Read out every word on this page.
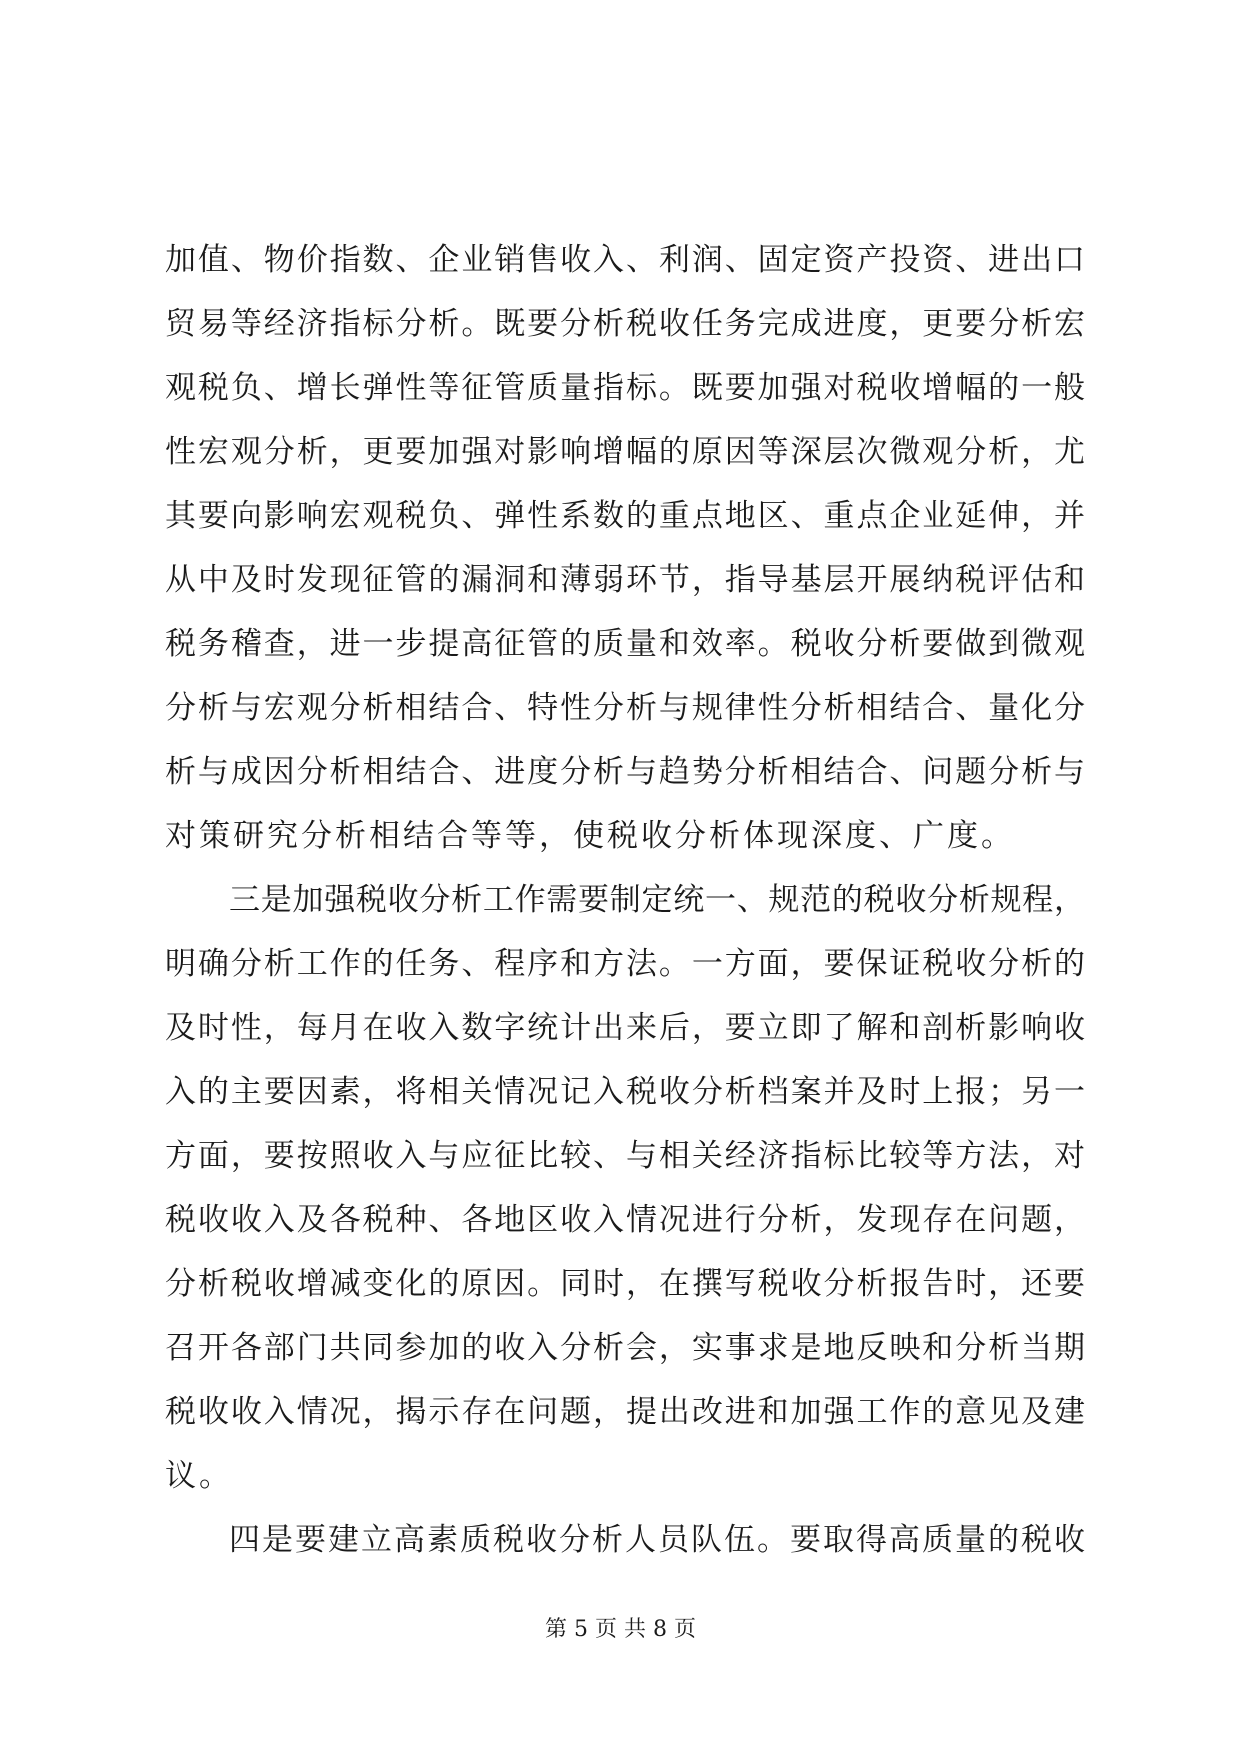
加值、物价指数、企业销售收入、利润、固定资产投资、进出口
贸易等经济指标分析。既要分析税收任务完成进度，更要分析宏
观税负、增长弹性等征管质量指标。既要加强对税收增幅的一般
性宏观分析，更要加强对影响增幅的原因等深层次微观分析，尤
其要向影响宏观税负、弹性系数的重点地区、重点企业延伸，并
从中及时发现征管的漏洞和薄弱环节，指导基层开展纳税评估和
税务稽查，进一步提高征管的质量和效率。税收分析要做到微观
分析与宏观分析相结合、特性分析与规律性分析相结合、量化分
析与成因分析相结合、进度分析与趋势分析相结合、问题分析与
对策研究分析相结合等等，使税收分析体现深度、广度。
三是加强税收分析工作需要制定统一、规范的税收分析规程，
明确分析工作的任务、程序和方法。一方面，要保证税收分析的
及时性，每月在收入数字统计出来后，要立即了解和剖析影响收
入的主要因素，将相关情况记入税收分析档案并及时上报；另一
方面，要按照收入与应征比较、与相关经济指标比较等方法，对
税收收入及各税种、各地区收入情况进行分析，发现存在问题，
分析税收增减变化的原因。同时，在撰写税收分析报告时，还要
召开各部门共同参加的收入分析会，实事求是地反映和分析当期
税收收入情况，揭示存在问题，提出改进和加强工作的意见及建
议。
四是要建立高素质税收分析人员队伍。要取得高质量的税收
第 5 页 共 8 页
